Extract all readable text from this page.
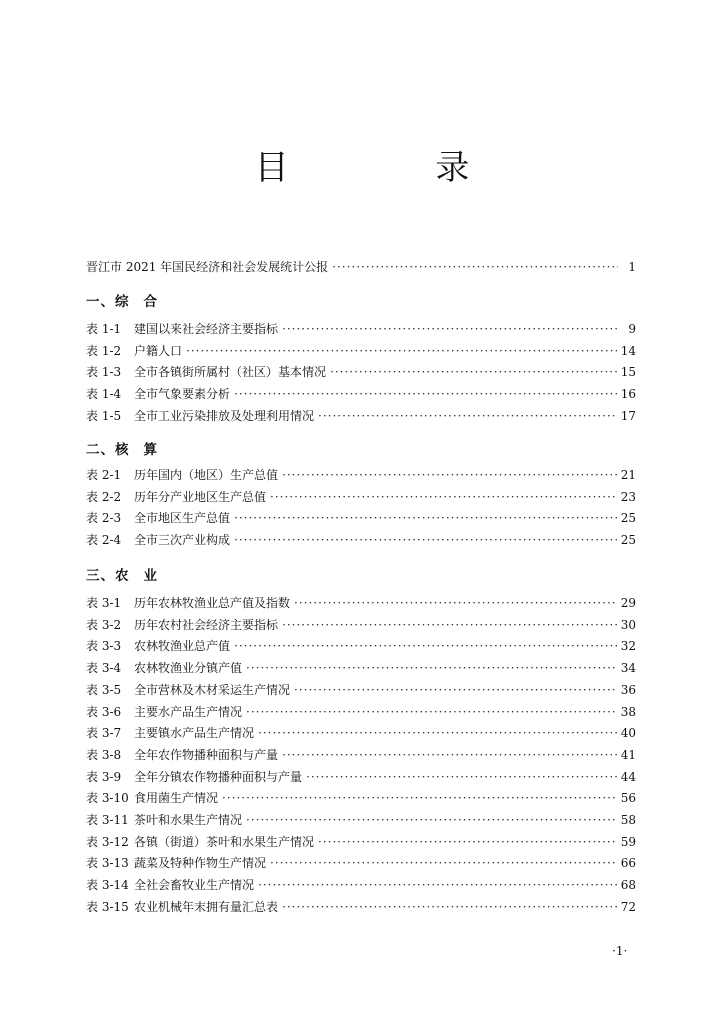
目 录
晋江市 2021 年国民经济和社会发展统计公报 ·····	1
一、综 合
表 1-1	建国以来社会经济主要指标 ·····	9
表 1-2	户籍人口 ·····	14
表 1-3	全市各镇街所属村（社区）基本情况 ·····	15
表 1-4	全市气象要素分析 ·····	16
表 1-5	全市工业污染排放及处理利用情况 ·····	17
二、核 算
表 2-1	历年国内（地区）生产总值 ·····	21
表 2-2	历年分产业地区生产总值 ·····	23
表 2-3	全市地区生产总值 ·····	25
表 2-4	全市三次产业构成 ·····	25
三、农 业
表 3-1	历年农林牧渔业总产值及指数 ·····	29
表 3-2	历年农村社会经济主要指标 ·····	30
表 3-3	农林牧渔业总产值 ·····	32
表 3-4	农林牧渔业分镇产值 ·····	34
表 3-5	全市营林及木材采运生产情况 ·····	36
表 3-6	主要水产品生产情况 ·····	38
表 3-7	主要镇水产品生产情况 ·····	40
表 3-8	全年农作物播种面积与产量 ·····	41
表 3-9	全年分镇农作物播种面积与产量 ·····	44
表 3-10 食用菌生产情况 ·····	56
表 3-11 茶叶和水果生产情况 ·····	58
表 3-12 各镇（街道）茶叶和水果生产情况 ·····	59
表 3-13 蔬菜及特种作物生产情况 ·····	66
表 3-14 全社会畜牧业生产情况 ·····	68
表 3-15 农业机械年末拥有量汇总表 ·····	72
·1·
